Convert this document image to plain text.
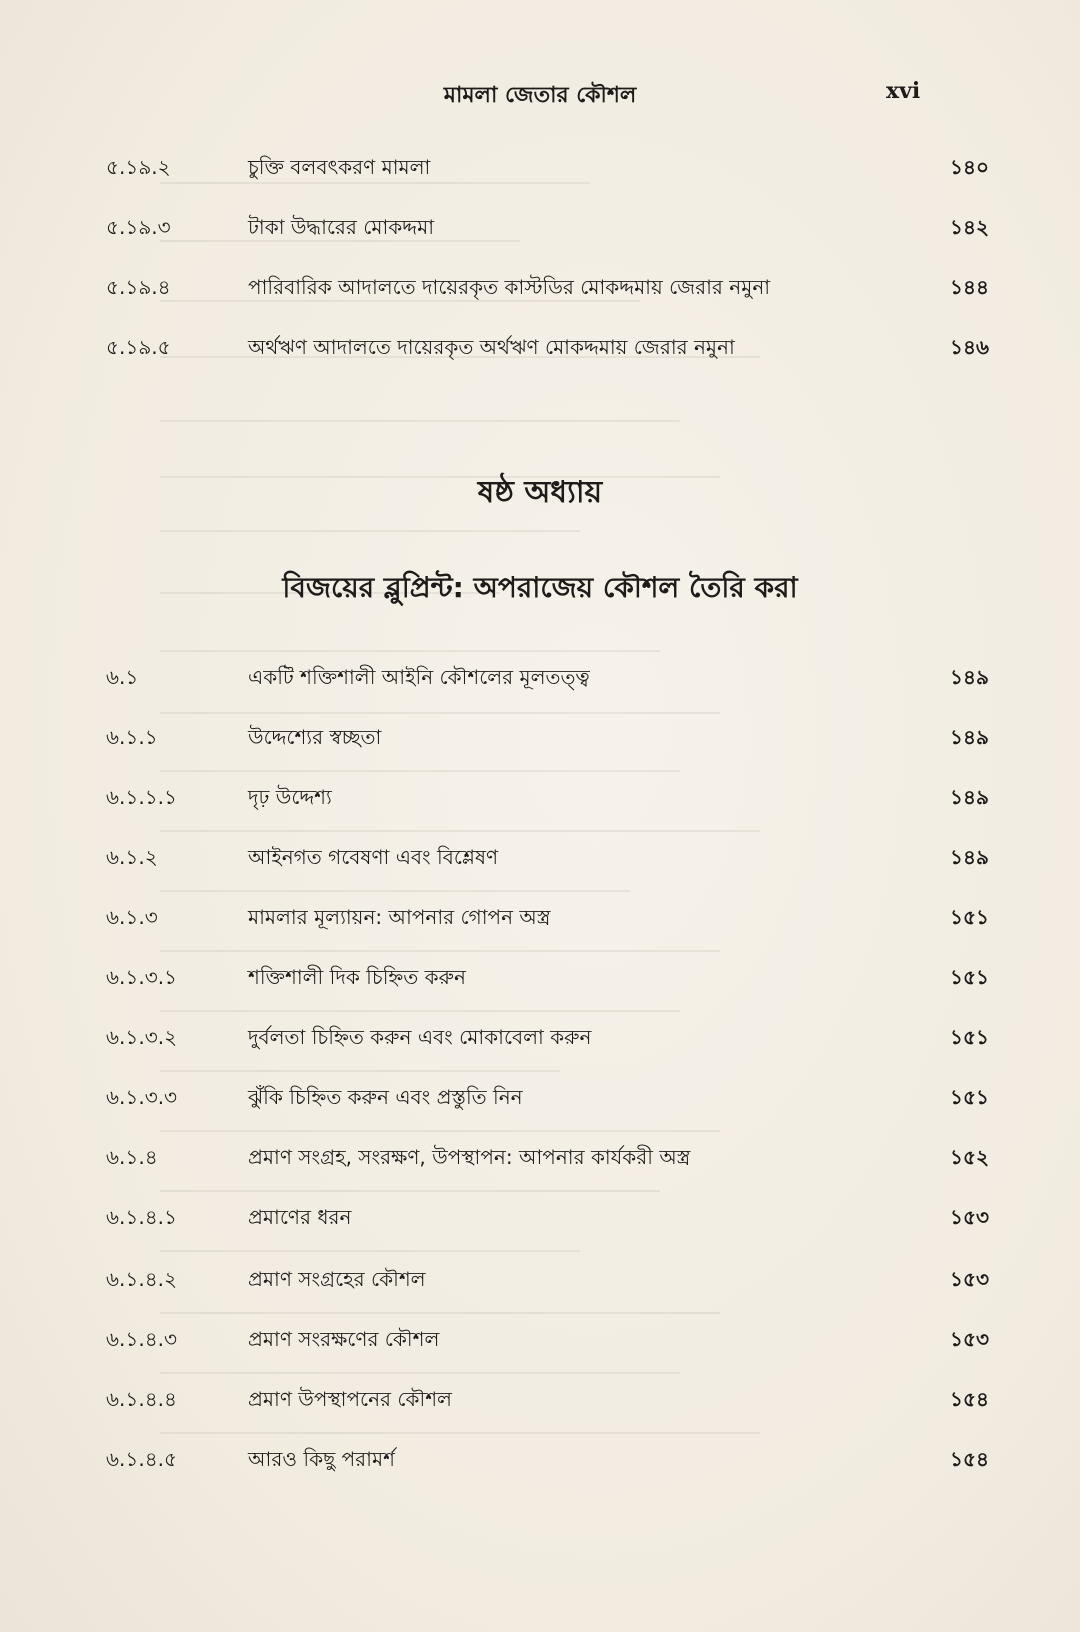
মামলা জেতার কৌশল	xvi
৫.১৯.২	চুক্তি বলবৎকরণ মামলা	১৪০
৫.১৯.৩	টাকা উদ্ধারের মোকদ্দমা	১৪২
৫.১৯.৪	পারিবারিক আদালতে দায়েরকৃত কাস্টডির মোকদ্দমায় জেরার নমুনা	১৪৪
৫.১৯.৫	অর্থঋণ আদালতে দায়েরকৃত অর্থঋণ মোকদ্দমায় জেরার নমুনা	১৪৬
ষষ্ঠ অধ্যায়
বিজয়ের ব্লুপ্রিন্ট: অপরাজেয় কৌশল তৈরি করা
৬.১	একটি শক্তিশালী আইনি কৌশলের মূলতত্ত্ব	১৪৯
৬.১.১	উদ্দেশ্যের স্বচ্ছতা	১৪৯
৬.১.১.১	দৃঢ় উদ্দেশ্য	১৪৯
৬.১.২	আইনগত গবেষণা এবং বিশ্লেষণ	১৪৯
৬.১.৩	মামলার মূল্যায়ন: আপনার গোপন অস্ত্র	১৫১
৬.১.৩.১	শক্তিশালী দিক চিহ্নিত করুন	১৫১
৬.১.৩.২	দুর্বলতা চিহ্নিত করুন এবং মোকাবেলা করুন	১৫১
৬.১.৩.৩	ঝুঁকি চিহ্নিত করুন এবং প্রস্তুতি নিন	১৫১
৬.১.৪	প্রমাণ সংগ্রহ, সংরক্ষণ, উপস্থাপন: আপনার কার্যকরী অস্ত্র	১৫২
৬.১.৪.১	প্রমাণের ধরন	১৫৩
৬.১.৪.২	প্রমাণ সংগ্রহের কৌশল	১৫৩
৬.১.৪.৩	প্রমাণ সংরক্ষণের কৌশল	১৫৩
৬.১.৪.৪	প্রমাণ উপস্থাপনের কৌশল	১৫৪
৬.১.৪.৫	আরও কিছু পরামর্শ	১৫৪
